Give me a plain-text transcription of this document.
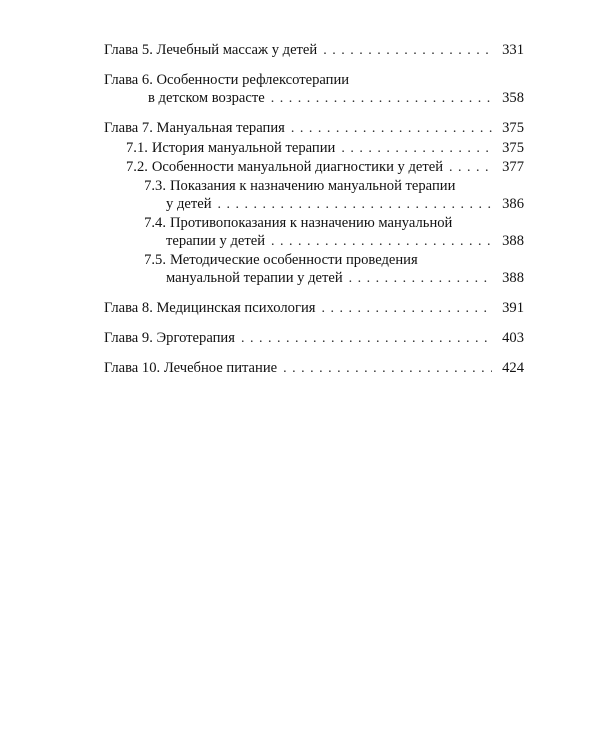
Глава 5. Лечебный массаж у детей . . .	331
Глава 6. Особенности рефлексотерапии
в детском возрасте . . .	358
Глава 7. Мануальная терапия . . .	375
7.1. История мануальной терапии . . .	375
7.2. Особенности мануальной диагностики у детей . . .	377
7.3. Показания к назначению мануальной терапии
у детей . . .	386
7.4. Противопоказания к назначению мануальной
терапии у детей . . .	388
7.5. Методические особенности проведения
мануальной терапии у детей . . .	388
Глава 8. Медицинская психология . . .	391
Глава 9. Эрготерапия . . .	403
Глава 10. Лечебное питание . . .	424
